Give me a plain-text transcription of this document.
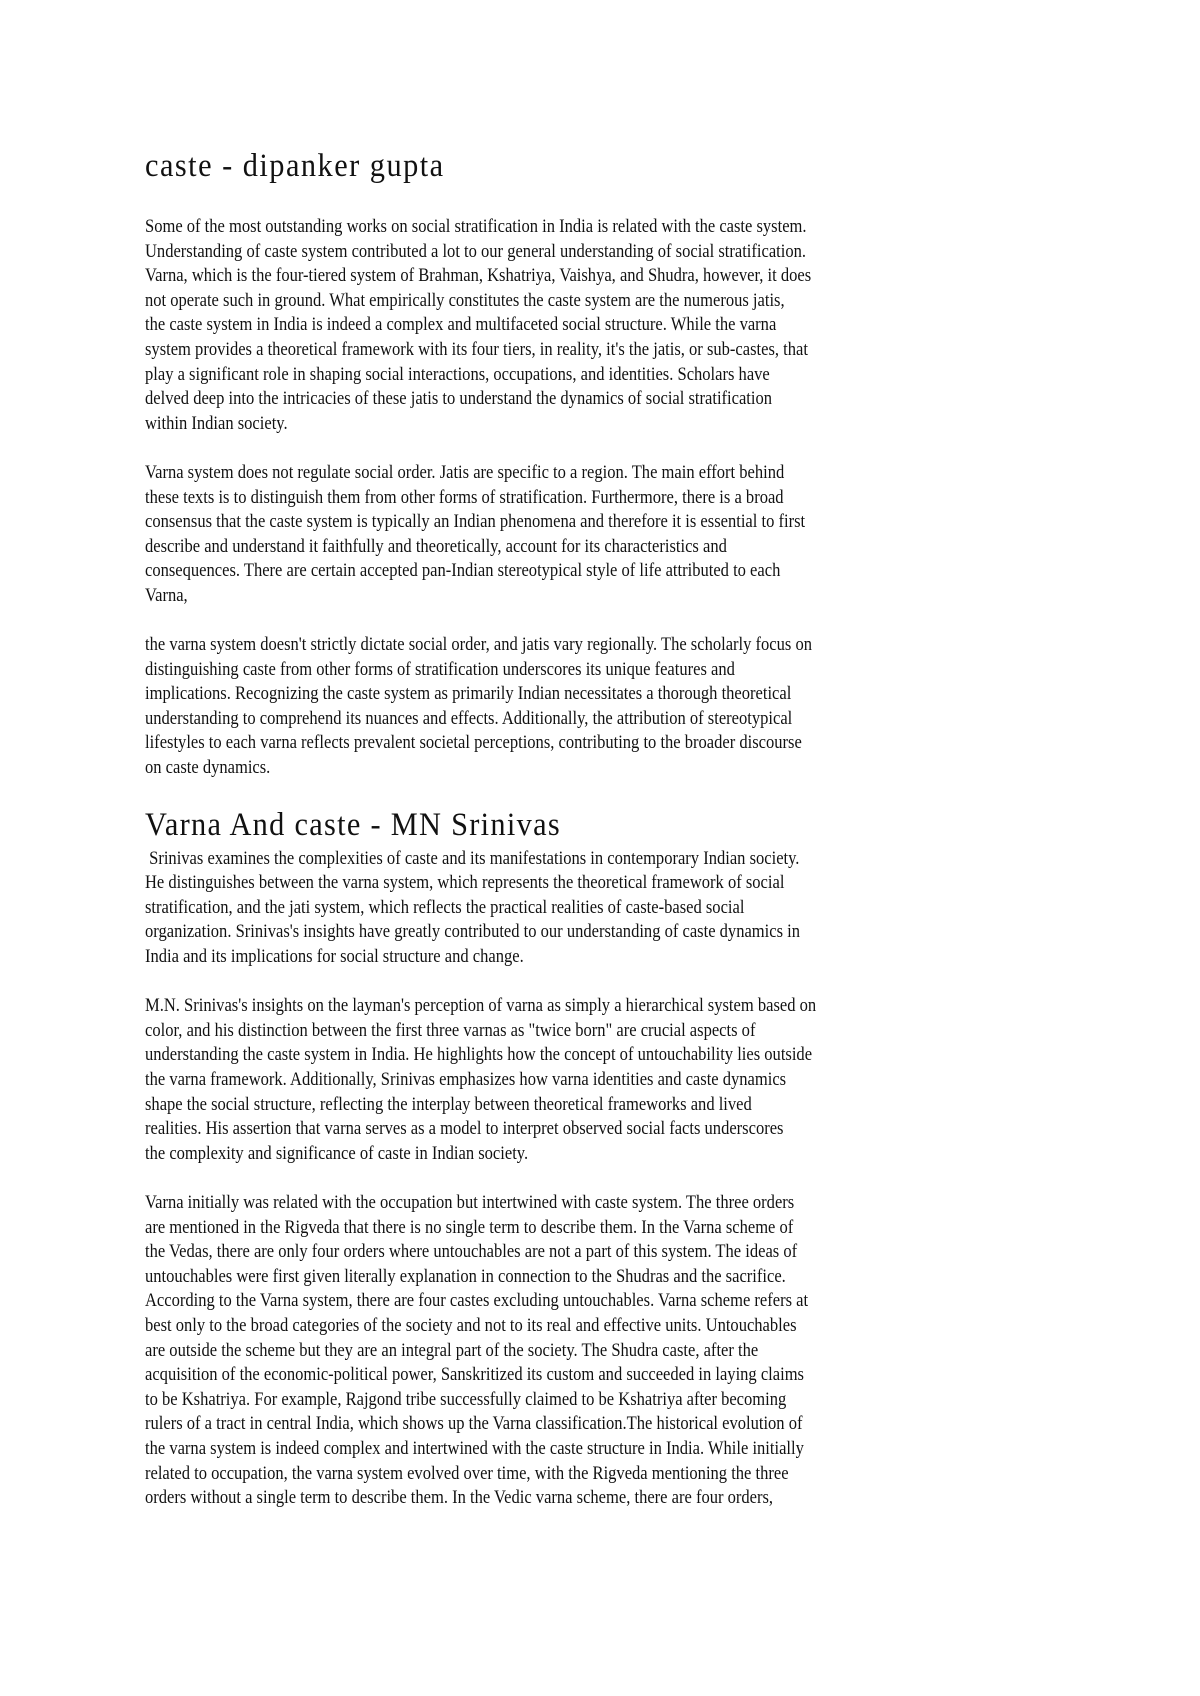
caste - dipanker gupta
Some of the most outstanding works on social stratification in India is related with the caste system.
Understanding of caste system contributed a lot to our general understanding of social stratification.
Varna, which is the four-tiered system of Brahman, Kshatriya, Vaishya, and Shudra, however, it does
not operate such in ground. What empirically constitutes the caste system are the numerous jatis,
the caste system in India is indeed a complex and multifaceted social structure. While the varna
system provides a theoretical framework with its four tiers, in reality, it's the jatis, or sub-castes, that
play a significant role in shaping social interactions, occupations, and identities. Scholars have
delved deep into the intricacies of these jatis to understand the dynamics of social stratification
within Indian society.
Varna system does not regulate social order. Jatis are specific to a region. The main effort behind
these texts is to distinguish them from other forms of stratification. Furthermore, there is a broad
consensus that the caste system is typically an Indian phenomena and therefore it is essential to first
describe and understand it faithfully and theoretically, account for its characteristics and
consequences. There are certain accepted pan-Indian stereotypical style of life attributed to each
Varna,
the varna system doesn't strictly dictate social order, and jatis vary regionally. The scholarly focus on
distinguishing caste from other forms of stratification underscores its unique features and
implications. Recognizing the caste system as primarily Indian necessitates a thorough theoretical
understanding to comprehend its nuances and effects. Additionally, the attribution of stereotypical
lifestyles to each varna reflects prevalent societal perceptions, contributing to the broader discourse
on caste dynamics.
Varna And caste - MN Srinivas
Srinivas examines the complexities of caste and its manifestations in contemporary Indian society.
He distinguishes between the varna system, which represents the theoretical framework of social
stratification, and the jati system, which reflects the practical realities of caste-based social
organization. Srinivas's insights have greatly contributed to our understanding of caste dynamics in
India and its implications for social structure and change.
M.N. Srinivas's insights on the layman's perception of varna as simply a hierarchical system based on
color, and his distinction between the first three varnas as "twice born" are crucial aspects of
understanding the caste system in India. He highlights how the concept of untouchability lies outside
the varna framework. Additionally, Srinivas emphasizes how varna identities and caste dynamics
shape the social structure, reflecting the interplay between theoretical frameworks and lived
realities. His assertion that varna serves as a model to interpret observed social facts underscores
the complexity and significance of caste in Indian society.
Varna initially was related with the occupation but intertwined with caste system. The three orders
are mentioned in the Rigveda that there is no single term to describe them. In the Varna scheme of
the Vedas, there are only four orders where untouchables are not a part of this system. The ideas of
untouchables were first given literally explanation in connection to the Shudras and the sacrifice.
According to the Varna system, there are four castes excluding untouchables. Varna scheme refers at
best only to the broad categories of the society and not to its real and effective units. Untouchables
are outside the scheme but they are an integral part of the society. The Shudra caste, after the
acquisition of the economic-political power, Sanskritized its custom and succeeded in laying claims
to be Kshatriya. For example, Rajgond tribe successfully claimed to be Kshatriya after becoming
rulers of a tract in central India, which shows up the Varna classification.The historical evolution of
the varna system is indeed complex and intertwined with the caste structure in India. While initially
related to occupation, the varna system evolved over time, with the Rigveda mentioning the three
orders without a single term to describe them. In the Vedic varna scheme, there are four orders,
